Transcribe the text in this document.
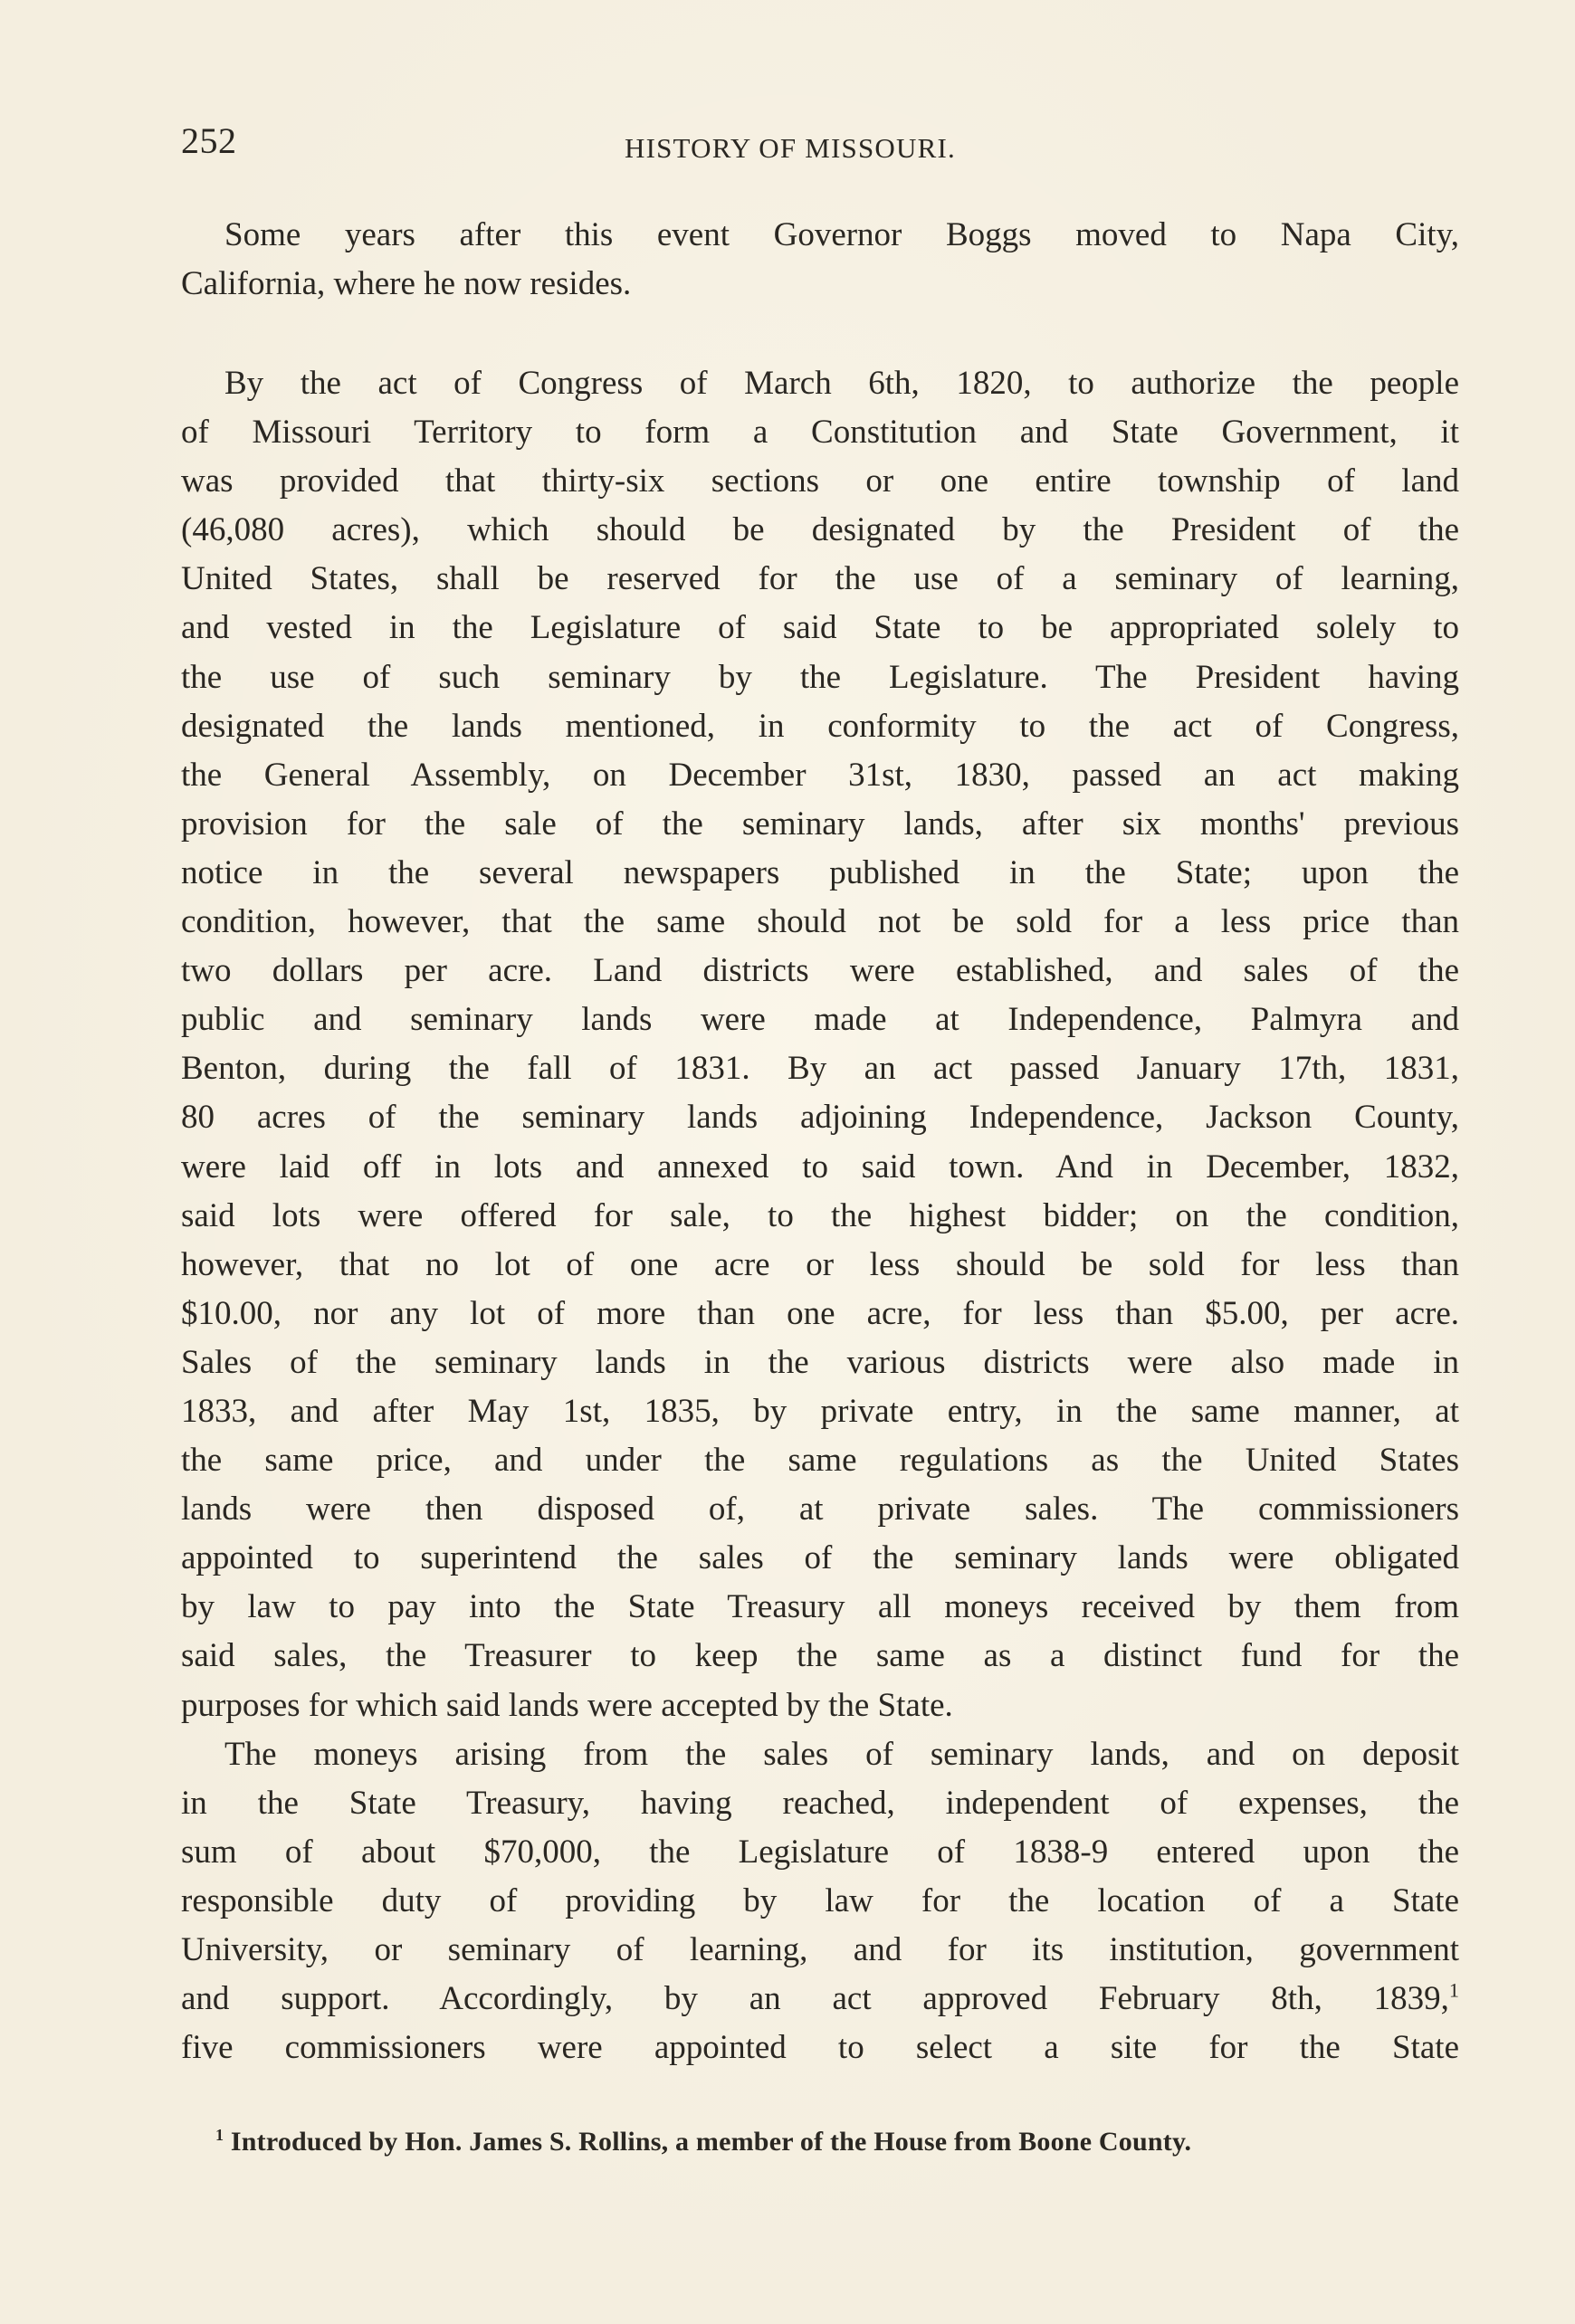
252	HISTORY OF MISSOURI.
Some years after this event Governor Boggs moved to Napa City,
California, where he now resides.
By the act of Congress of March 6th, 1820, to authorize the people
of Missouri Territory to form a Constitution and State Government, it
was provided that thirty-six sections or one entire township of land
(46,080 acres), which should be designated by the President of the
United States, shall be reserved for the use of a seminary of learning,
and vested in the Legislature of said State to be appropriated solely to
the use of such seminary by the Legislature. The President having
designated the lands mentioned, in conformity to the act of Congress,
the General Assembly, on December 31st, 1830, passed an act making
provision for the sale of the seminary lands, after six months' previous
notice in the several newspapers published in the State; upon the
condition, however, that the same should not be sold for a less price than
two dollars per acre. Land districts were established, and sales of the
public and seminary lands were made at Independence, Palmyra and
Benton, during the fall of 1831. By an act passed January 17th, 1831,
80 acres of the seminary lands adjoining Independence, Jackson County,
were laid off in lots and annexed to said town. And in December, 1832,
said lots were offered for sale, to the highest bidder; on the condition,
however, that no lot of one acre or less should be sold for less than
$10.00, nor any lot of more than one acre, for less than $5.00, per acre.
Sales of the seminary lands in the various districts were also made in
1833, and after May 1st, 1835, by private entry, in the same manner, at
the same price, and under the same regulations as the United States
lands were then disposed of, at private sales. The commissioners
appointed to superintend the sales of the seminary lands were obligated
by law to pay into the State Treasury all moneys received by them from
said sales, the Treasurer to keep the same as a distinct fund for the
purposes for which said lands were accepted by the State.
The moneys arising from the sales of seminary lands, and on deposit
in the State Treasury, having reached, independent of expenses, the
sum of about $70,000, the Legislature of 1838-9 entered upon the
responsible duty of providing by law for the location of a State
University, or seminary of learning, and for its institution, government
and support. Accordingly, by an act approved February 8th, 1839,$^1$
five commissioners were appointed to select a site for the State
$^1$ Introduced by Hon. James S. Rollins, a member of the House from Boone County.
